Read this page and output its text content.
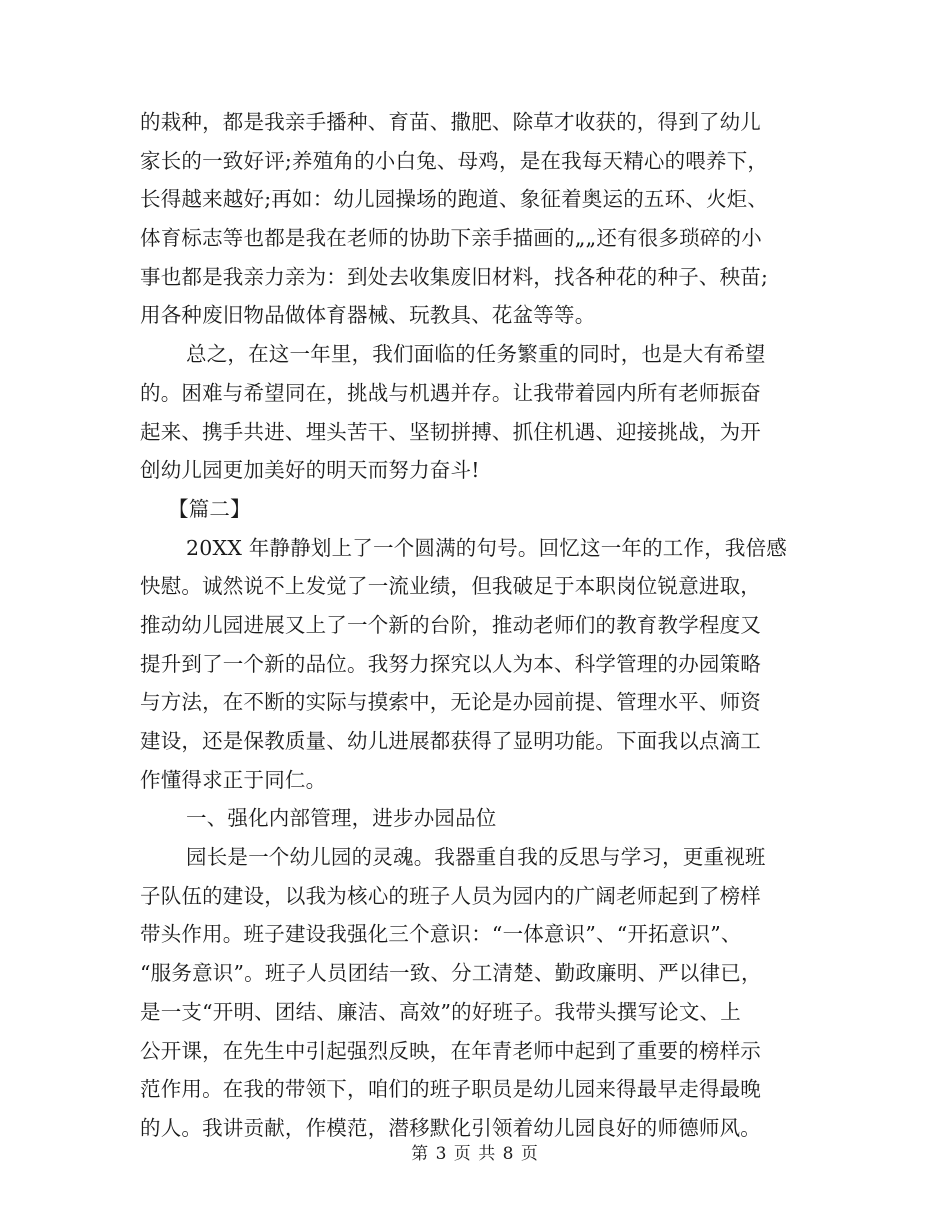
的栽种，都是我亲手播种、育苗、撒肥、除草才收获的，得到了幼儿
家长的一致好评;养殖角的小白兔、母鸡，是在我每天精心的喂养下，
长得越来越好;再如：幼儿园操场的跑道、象征着奥运的五环、火炬、
体育标志等也都是我在老师的协助下亲手描画的„„还有很多琐碎的小
事也都是我亲力亲为：到处去收集废旧材料，找各种花的种子、秧苗;
用各种废旧物品做体育器械、玩教具、花盆等等。
总之，在这一年里，我们面临的任务繁重的同时，也是大有希望
的。困难与希望同在，挑战与机遇并存。让我带着园内所有老师振奋
起来、携手共进、埋头苦干、坚韧拼搏、抓住机遇、迎接挑战，为开
创幼儿园更加美好的明天而努力奋斗!
【篇二】
20XX 年静静划上了一个圆满的句号。回忆这一年的工作，我倍感
快慰。诚然说不上发觉了一流业绩，但我破足于本职岗位锐意进取，
推动幼儿园进展又上了一个新的台阶，推动老师们的教育教学程度又
提升到了一个新的品位。我努力探究以人为本、科学管理的办园策略
与方法，在不断的实际与摸索中，无论是办园前提、管理水平、师资
建设，还是保教质量、幼儿进展都获得了显明功能。下面我以点滴工
作懂得求正于同仁。
一、强化内部管理，进步办园品位
园长是一个幼儿园的灵魂。我器重自我的反思与学习，更重视班
子队伍的建设，以我为核心的班子人员为园内的广阔老师起到了榜样
带头作用。班子建设我强化三个意识：“一体意识”、“开拓意识”、
“服务意识”。班子人员团结一致、分工清楚、勤政廉明、严以律已，
是一支“开明、团结、廉洁、高效”的好班子。我带头撰写论文、上
公开课，在先生中引起强烈反映，在年青老师中起到了重要的榜样示
范作用。在我的带领下，咱们的班子职员是幼儿园来得最早走得最晚
的人。我讲贡献，作模范，潜移默化引领着幼儿园良好的师德师风。
第 3 页 共 8 页
